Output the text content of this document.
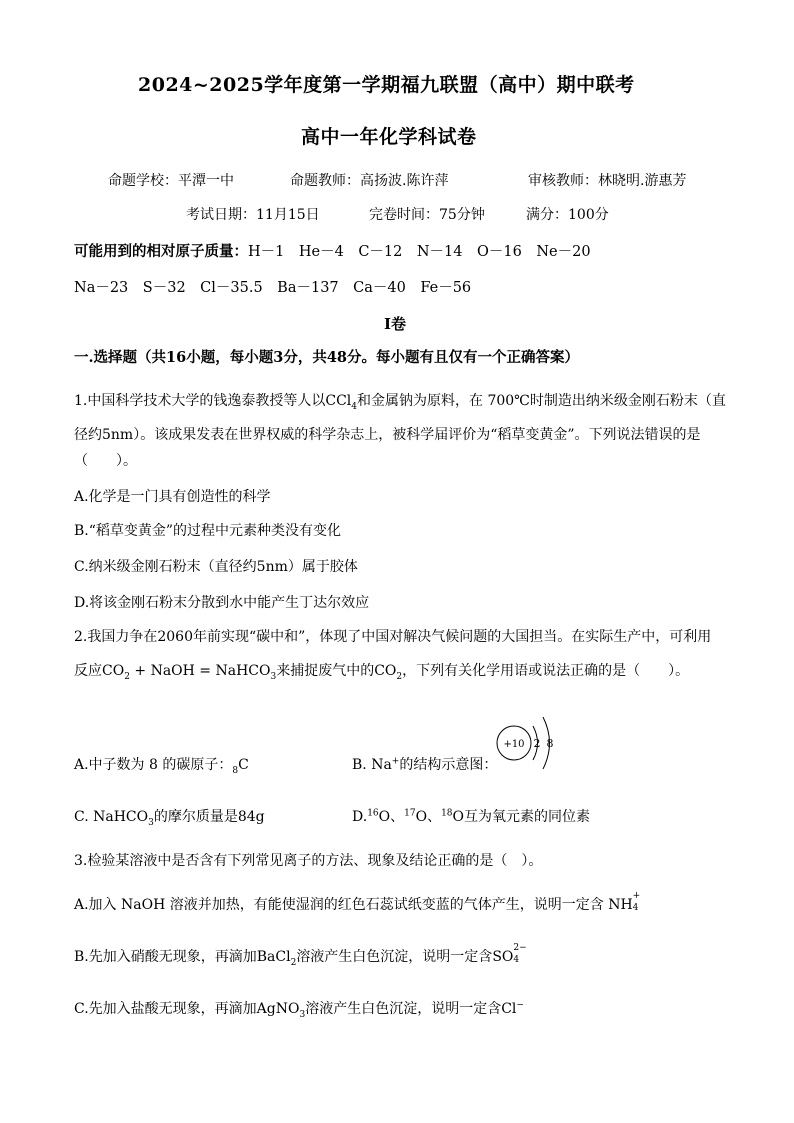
2024~2025学年度第一学期福九联盟（高中）期中联考
高中一年化学科试卷
命题学校：平潭一中	命题教师：高扬波.陈许萍	审核教师：林晓明.游惠芳
考试日期：11月15日	完卷时间：75分钟	满分：100分
可能用到的相对原子质量：H－1　He－4　C－12　N－14　O－16　Ne－20
Na－23　S－32　Cl－35.5　Ba－137　Ca－40　Fe－56
Ⅰ卷
一.选择题（共16小题，每小题3分，共48分。每小题有且仅有一个正确答案）
1.中国科学技术大学的钱逸泰教授等人以CCl$_4$和金属钠为原料，在 700℃时制造出纳米级金刚石粉末（直
径约5nm）。该成果发表在世界权威的科学杂志上，被科学届评价为“稻草变黄金”。下列说法错误的是
（　　）。
A.化学是一门具有创造性的科学
B.“稻草变黄金”的过程中元素种类没有变化
C.纳米级金刚石粉末（直径约5nm）属于胶体
D.将该金刚石粉末分散到水中能产生丁达尔效应
2.我国力争在2060年前实现“碳中和”，体现了中国对解决气候问题的大国担当。在实际生产中，可利用
反应$CO_2$ + NaOH = NaHCO$_3$来捕捉废气中的$CO_2$，下列有关化学用语或说法正确的是（　　）。
A.中子数为 8 的碳原子：$_8$C	B. Na+的结构示意图：
+10 2 8
C. NaHCO$_3$的摩尔质量是84g	D.$^{16}$O、$^{17}$O、$^{18}$O互为氧元素的同位素
3.检验某溶液中是否含有下列常见离子的方法、现象及结论正确的是（　）。
A.加入 NaOH 溶液并加热，有能使湿润的红色石蕊试纸变蓝的气体产生，说明一定含 NH
+
4
B.先加入硝酸无现象，再滴加BaCl$_2$溶液产生白色沉淀，说明一定含SO
2−
4
C.先加入盐酸无现象，再滴加AgNO$_3$溶液产生白色沉淀，说明一定含Cl−
